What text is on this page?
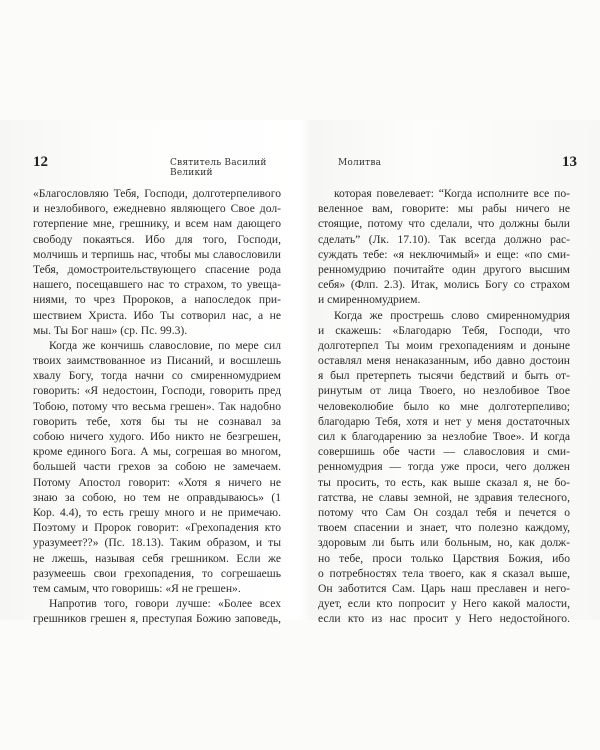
12	Святитель Василий Великий
«Благословляю Тебя, Господи, долготерпеливого
и незлобивого, ежедневно являющего Свое дол-
готерпение мне, грешнику, и всем нам дающего
свободу покаяться. Ибо для того, Господи,
молчишь и терпишь нас, чтобы мы славословили
Тебя, домостроительствующего спасение рода
нашего, посещавшего нас то страхом, то увеща-
ниями, то чрез Пророков, а напоследок при-
шествием Христа. Ибо Ты сотворил нас, а не
мы. Ты Бог наш» (ср. Пс. 99.3).
Когда же кончишь славословие, по мере сил
твоих заимствованное из Писаний, и восшлешь
хвалу Богу, тогда начни со смиренномудрием
говорить: «Я недостоин, Господи, говорить пред
Тобою, потому что весьма грешен». Так надобно
говорить тебе, хотя бы ты не сознавал за
собою ничего худого. Ибо никто не безгрешен,
кроме единого Бога. А мы, согрешая во многом,
большей части грехов за собою не замечаем.
Потому Апостол говорит: «Хотя я ничего не
знаю за собою, но тем не оправдываюсь» (1
Кор. 4.4), то есть грешу много и не примечаю.
Поэтому и Пророк говорит: «Грехопадения кто
уразумеет??» (Пс. 18.13). Таким образом, и ты
не лжешь, называя себя грешником. Если же
разумеешь свои грехопадения, то согрешаешь
тем самым, что говоришь: «Я не грешен».
Напротив того, говори лучше: «Более всех
грешников грешен я, преступая Божию заповедь,
Молитва	13
которая повелевает: “Когда исполните все по-
веленное вам, говорите: мы рабы ничего не
стоящие, потому что сделали, что должны были
сделать” (Лк. 17.10). Так всегда должно рас-
суждать тебе: «я неключимый» и еще: «по сми-
ренномудрию почитайте один другого высшим
себя» (Флп. 2.3). Итак, молись Богу со страхом
и смиренномудрием.
Когда же прострешь слово смиренномудрия
и скажешь: «Благодарю Тебя, Господи, что
долготерпел Ты моим грехопадениям и доныне
оставлял меня ненаказанным, ибо давно достоин
я был претерпеть тысячи бедствий и быть от-
ринутым от лица Твоего, но незлобивое Твое
человеколюбие было ко мне долготерпеливо;
благодарю Тебя, хотя и нет у меня достаточных
сил к благодарению за незлобие Твое». И когда
совершишь обе части — славословия и сми-
ренномудрия — тогда уже проси, чего должен
ты просить, то есть, как выше сказал я, не бо-
гатства, не славы земной, не здравия телесного,
потому что Сам Он создал тебя и печется о
твоем спасении и знает, что полезно каждому,
здоровым ли быть или больным, но, как долж-
но тебе, проси только Царствия Божия, ибо
о потребностях тела твоего, как я сказал выше,
Он заботится Сам. Царь наш преславен и него-
дует, если кто попросит у Него какой малости,
если кто из нас просит у Него недостойного.
